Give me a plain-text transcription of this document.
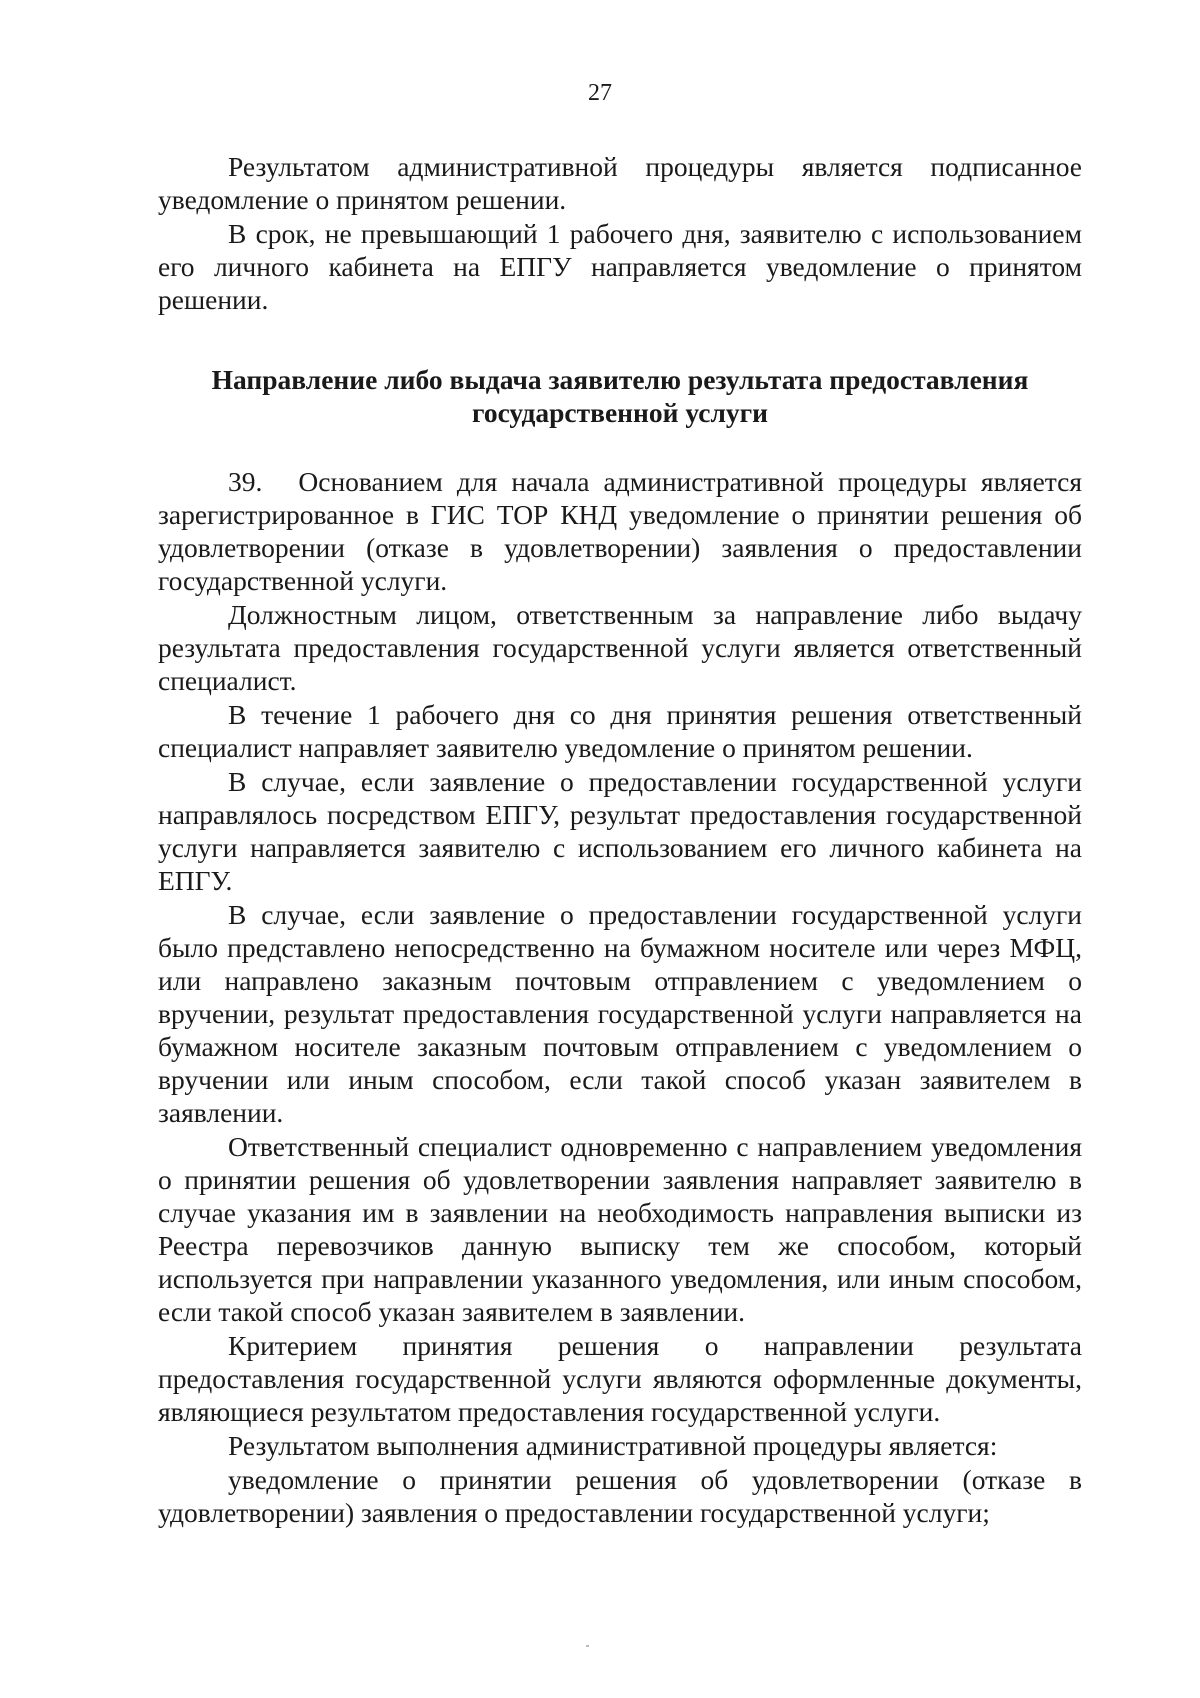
27

Результатом административной процедуры является подписанное уведомление о принятом решении.

В срок, не превышающий 1 рабочего дня, заявителю с использованием его личного кабинета на ЕПГУ направляется уведомление о принятом решении.

Направление либо выдача заявителю результата предоставления государственной услуги

39. Основанием для начала административной процедуры является зарегистрированное в ГИС ТОР КНД уведомление о принятии решения об удовлетворении (отказе в удовлетворении) заявления о предоставлении государственной услуги.

Должностным лицом, ответственным за направление либо выдачу результата предоставления государственной услуги является ответственный специалист.

В течение 1 рабочего дня со дня принятия решения ответственный специалист направляет заявителю уведомление о принятом решении.

В случае, если заявление о предоставлении государственной услуги направлялось посредством ЕПГУ, результат предоставления государственной услуги направляется заявителю с использованием его личного кабинета на ЕПГУ.

В случае, если заявление о предоставлении государственной услуги было представлено непосредственно на бумажном носителе или через МФЦ, или направлено заказным почтовым отправлением с уведомлением о вручении, результат предоставления государственной услуги направляется на бумажном носителе заказным почтовым отправлением с уведомлением о вручении или иным способом, если такой способ указан заявителем в заявлении.

Ответственный специалист одновременно с направлением уведомления о принятии решения об удовлетворении заявления направляет заявителю в случае указания им в заявлении на необходимость направления выписки из Реестра перевозчиков данную выписку тем же способом, который используется при направлении указанного уведомления, или иным способом, если такой способ указан заявителем в заявлении.

Критерием принятия решения о направлении результата предоставления государственной услуги являются оформленные документы, являющиеся результатом предоставления государственной услуги.

Результатом выполнения административной процедуры является:

уведомление о принятии решения об удовлетворении (отказе в удовлетворении) заявления о предоставлении государственной услуги;
